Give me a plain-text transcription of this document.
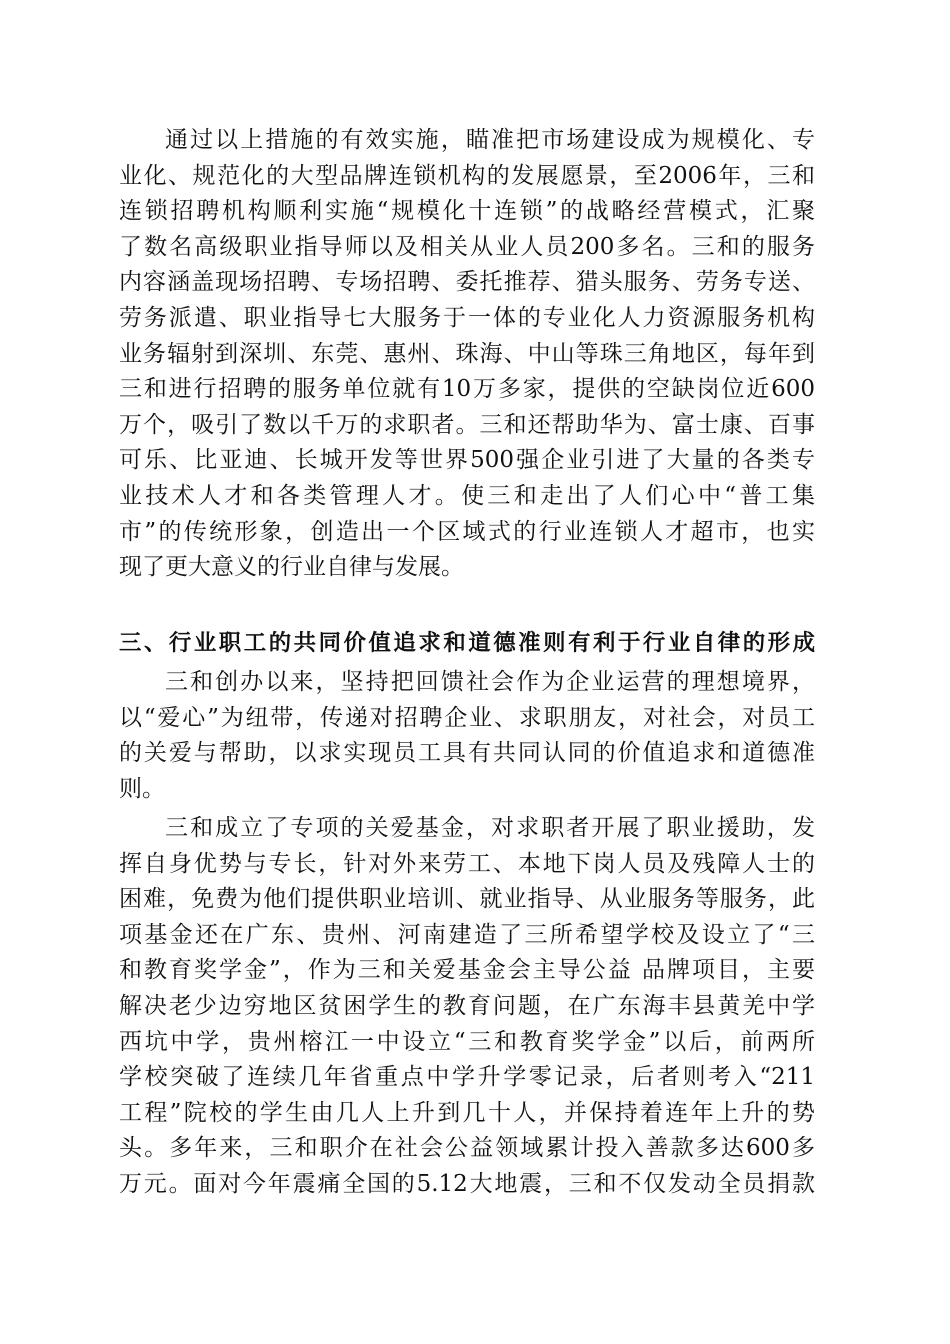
通过以上措施的有效实施，瞄准把市场建设成为规模化、专
业化、规范化的大型品牌连锁机构的发展愿景，至2006年，三和
连锁招聘机构顺利实施“规模化十连锁”的战略经营模式，汇聚
了数名高级职业指导师以及相关从业人员200多名。三和的服务
内容涵盖现场招聘、专场招聘、委托推荐、猎头服务、劳务专送、
劳务派遣、职业指导七大服务于一体的专业化人力资源服务机构
业务辐射到深圳、东莞、惠州、珠海、中山等珠三角地区，每年到
三和进行招聘的服务单位就有10万多家，提供的空缺岗位近600
万个，吸引了数以千万的求职者。三和还帮助华为、富士康、百事
可乐、比亚迪、长城开发等世界500强企业引进了大量的各类专
业技术人才和各类管理人才。使三和走出了人们心中“普工集
市”的传统形象，创造出一个区域式的行业连锁人才超市，也实
现了更大意义的行业自律与发展。
三、行业职工的共同价值追求和道德准则有利于行业自律的形成
三和创办以来，坚持把回馈社会作为企业运营的理想境界，
以“爱心”为纽带，传递对招聘企业、求职朋友，对社会，对员工
的关爱与帮助，以求实现员工具有共同认同的价值追求和道德准
则。
三和成立了专项的关爱基金，对求职者开展了职业援助，发
挥自身优势与专长，针对外来劳工、本地下岗人员及残障人士的
困难，免费为他们提供职业培训、就业指导、从业服务等服务，此
项基金还在广东、贵州、河南建造了三所希望学校及设立了“三
和教育奖学金”，作为三和关爱基金会主导公益 品牌项目，主要
解决老少边穷地区贫困学生的教育问题，在广东海丰县黄羌中学
西坑中学，贵州榕江一中设立“三和教育奖学金”以后，前两所
学校突破了连续几年省重点中学升学零记录，后者则考入“211
工程”院校的学生由几人上升到几十人，并保持着连年上升的势
头。多年来，三和职介在社会公益领域累计投入善款多达600多
万元。面对今年震痛全国的5.12大地震，三和不仅发动全员捐款
